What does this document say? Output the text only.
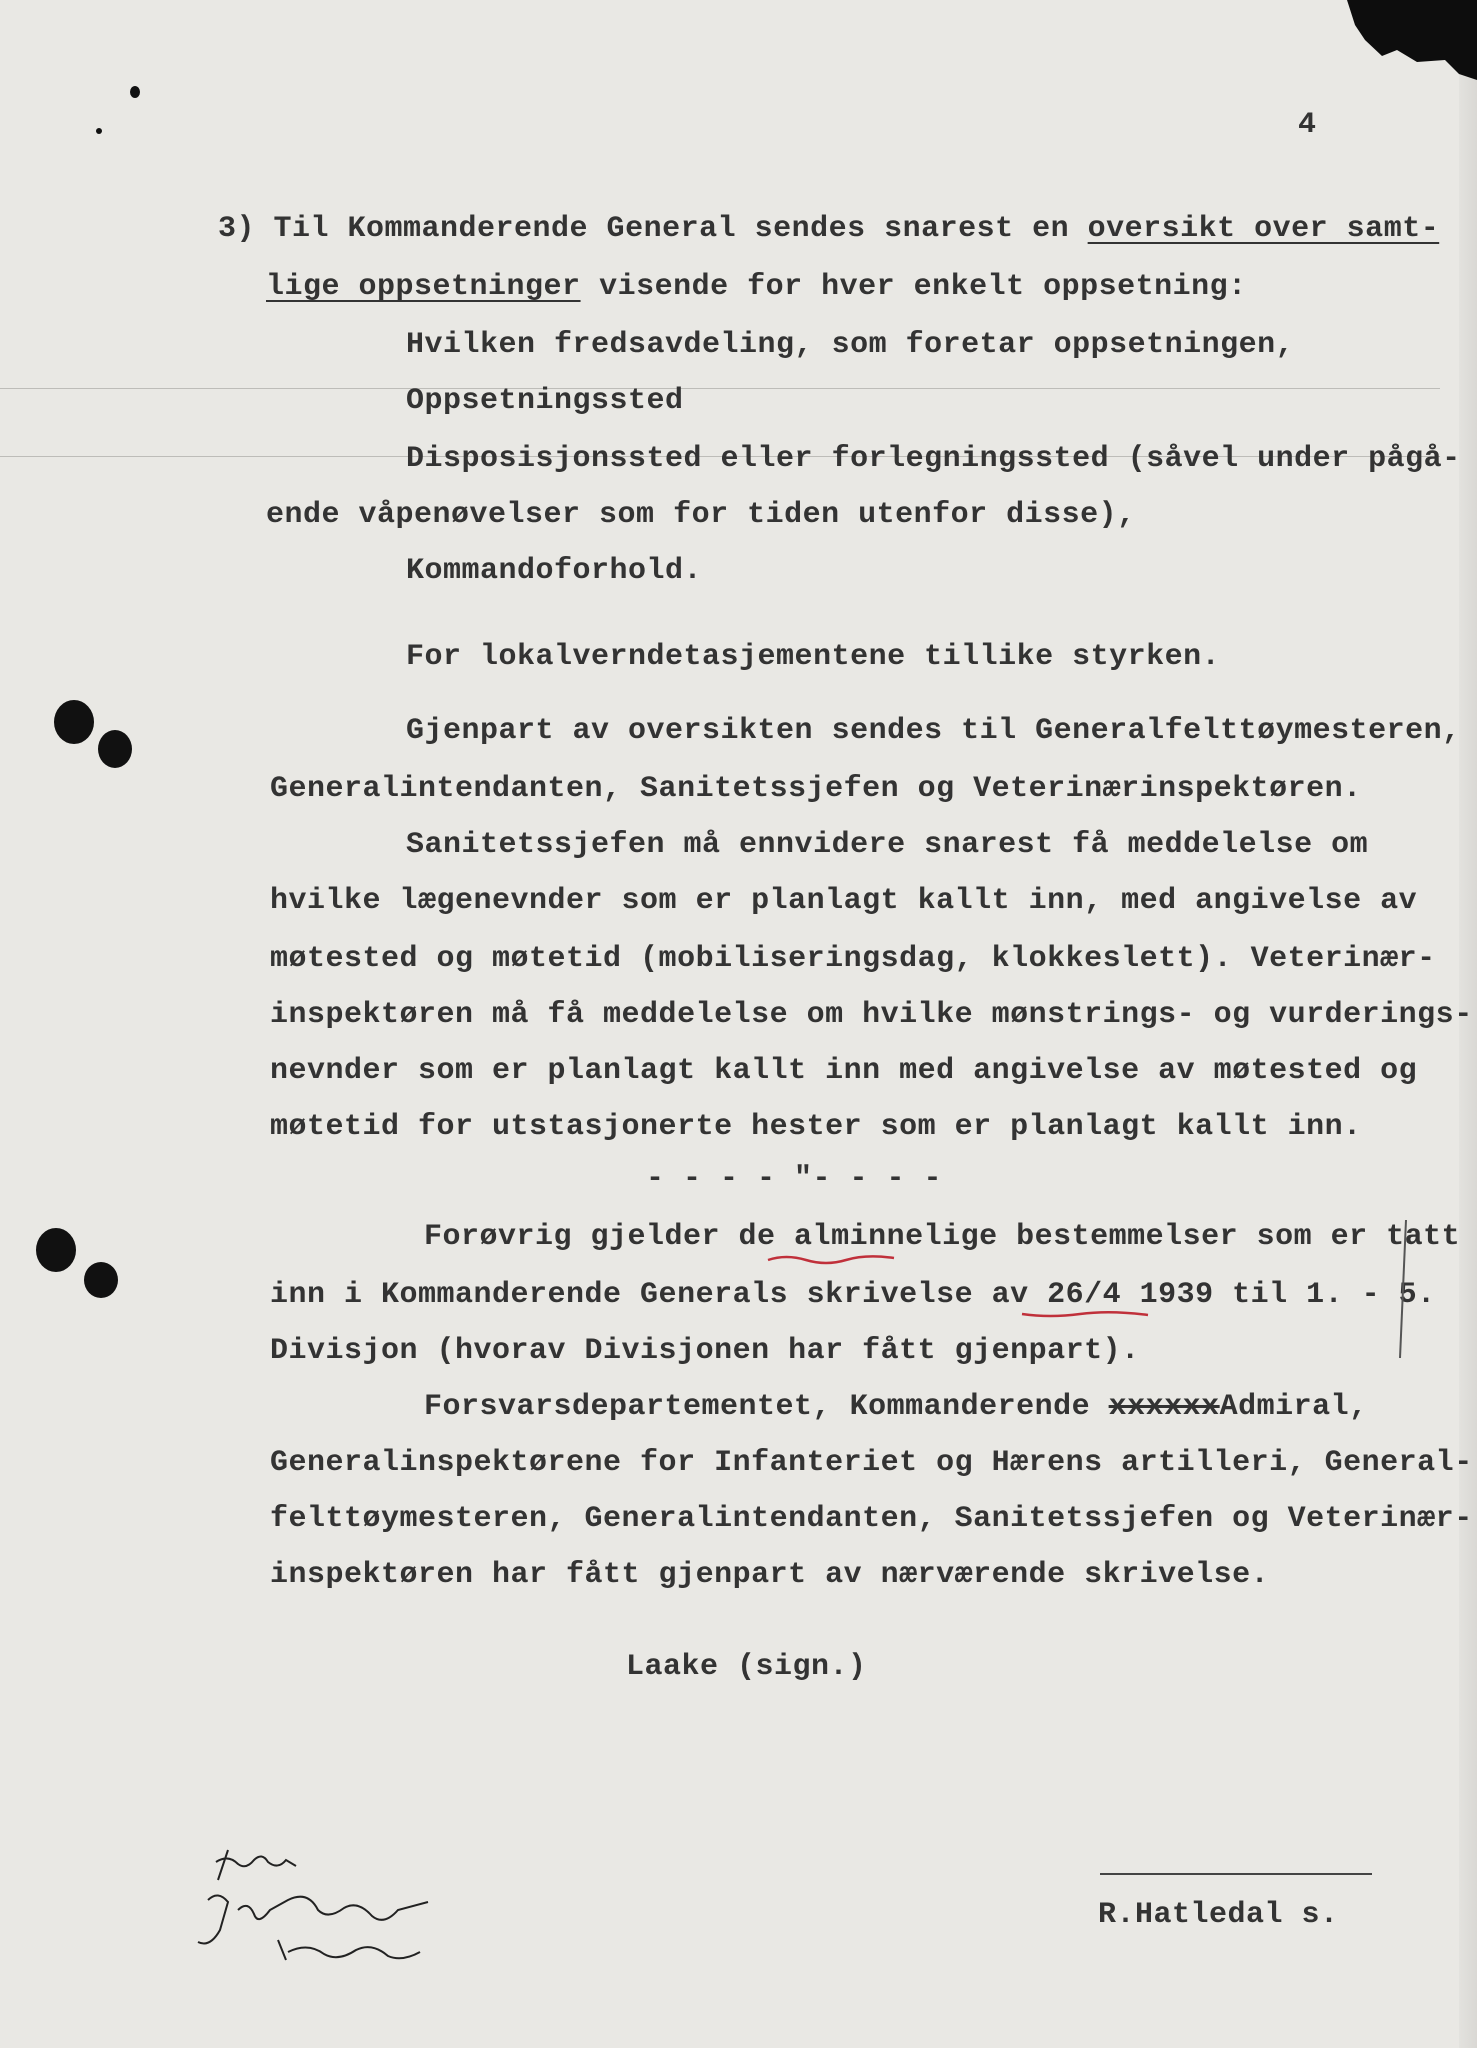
4
3) Til Kommanderende General sendes snarest en oversikt over samt-
lige oppsetninger visende for hver enkelt oppsetning:
Hvilken fredsavdeling, som foretar oppsetningen,
Oppsetningssted
Disposisjonssted eller forlegningssted (såvel under pågå-
ende våpenøvelser som for tiden utenfor disse),
Kommandoforhold.
For lokalverndetasjementene tillike styrken.
Gjenpart av oversikten sendes til Generalfelttøymesteren,
Generalintendanten, Sanitetssjefen og Veterinærinspektøren.
Sanitetssjefen må ennvidere snarest få meddelelse om
hvilke lægenevnder som er planlagt kallt inn, med angivelse av
møtested og møtetid (mobiliseringsdag, klokkeslett). Veterinær-
inspektøren må få meddelelse om hvilke mønstrings- og vurderings-
nevnder som er planlagt kallt inn med angivelse av møtested og
møtetid for utstasjonerte hester som er planlagt kallt inn.
- - - - "- - - -
Forøvrig gjelder de alminnelige bestemmelser som er tatt
inn i Kommanderende Generals skrivelse av 26/4 1939 til 1. - 5.
Divisjon (hvorav Divisjonen har fått gjenpart).
Forsvarsdepartementet, Kommanderende xxxxxxAdmiral,
Generalinspektørene for Infanteriet og Hærens artilleri, General-
felttøymesteren, Generalintendanten, Sanitetssjefen og Veterinær-
inspektøren har fått gjenpart av nærværende skrivelse.
Laake (sign.)
R.Hatledal s.
